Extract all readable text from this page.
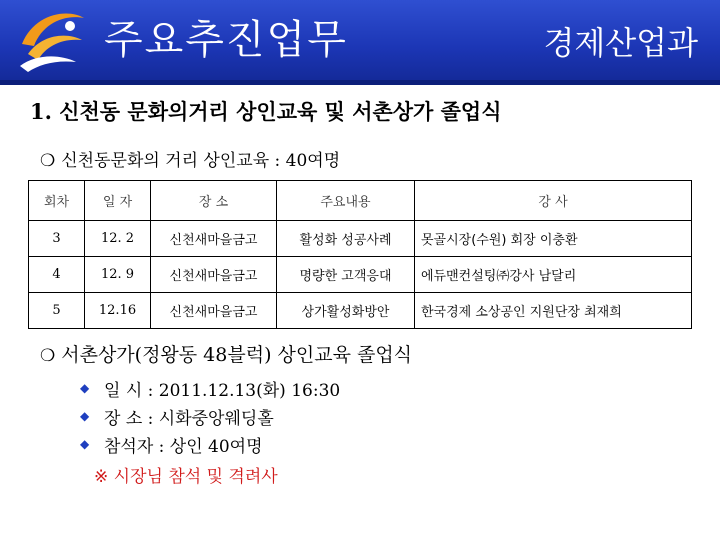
주요추진업무	경제산업과
1. 신천동 문화의거리 상인교육 및 서촌상가 졸업식
❍ 신천동문화의 거리 상인교육 : 40여명
회차	일 자	장 소	주요내용	강 사
3	12. 2	신천새마을금고	활성화 성공사례	못골시장(수원) 회장 이충환
4	12. 9	신천새마을금고	명량한 고객응대	에듀맨컨설팅㈜강사 남달리
5	12.16	신천새마을금고	상가활성화방안	한국경제 소상공인 지원단장 최재희
❍ 서촌상가(정왕동 48블럭) 상인교육 졸업식
◆ 일 시 : 2011.12.13(화) 16:30
◆ 장 소 : 시화중앙웨딩홀
◆ 참석자 : 상인 40여명
※ 시장님 참석 및 격려사
